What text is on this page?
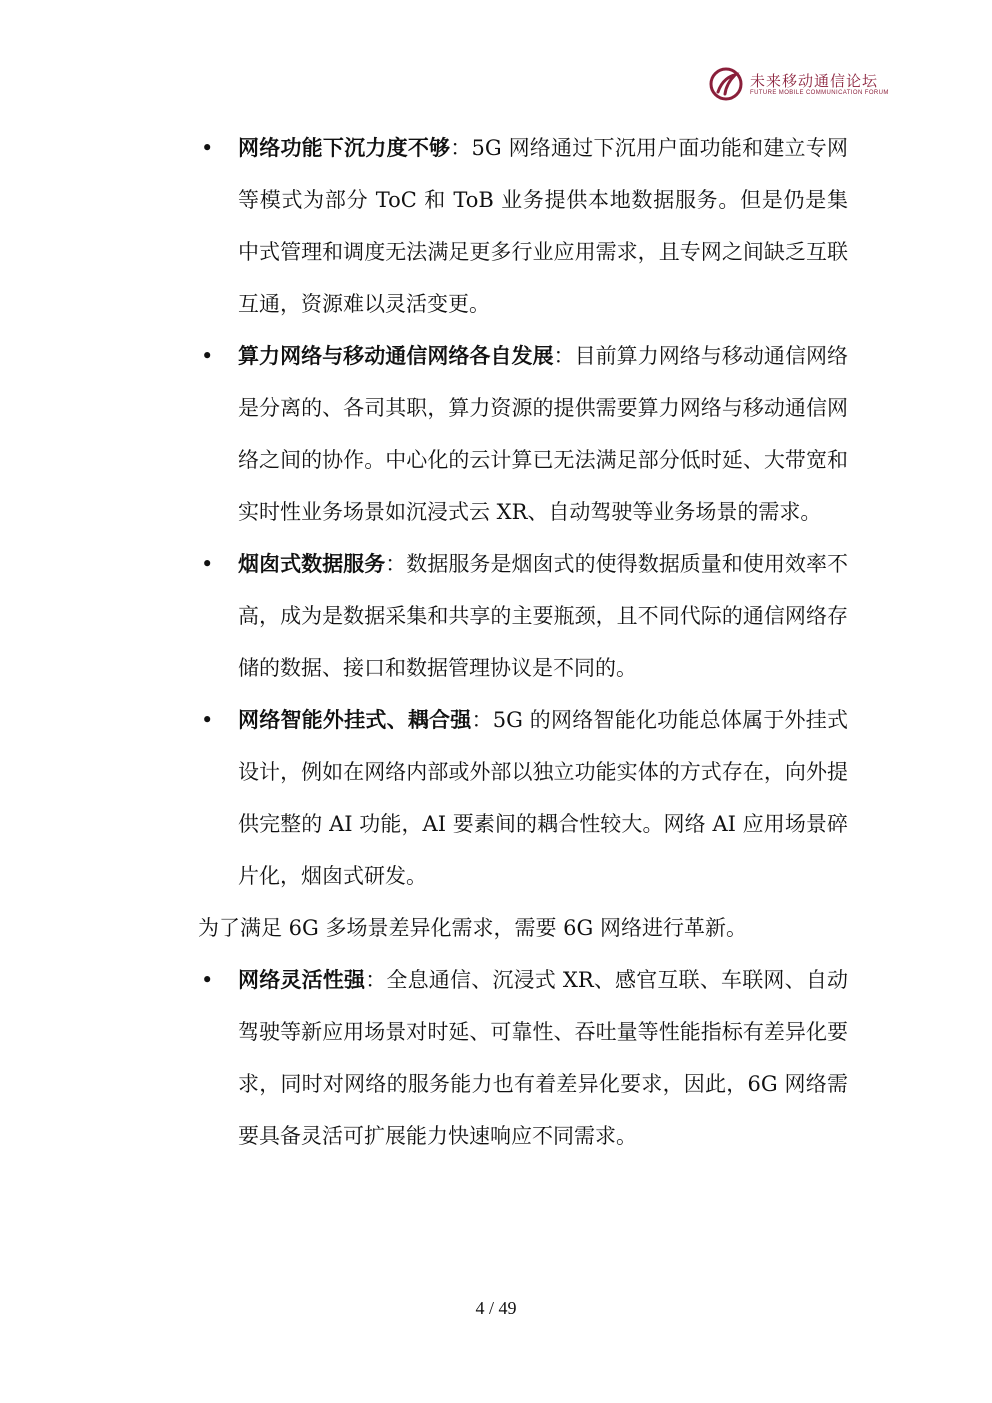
未来移动通信论坛
FUTURE MOBILE COMMUNICATION FORUM
• 网络功能下沉力度不够：5G 网络通过下沉用户面功能和建立专网等模式为部分 ToC 和 ToB 业务提供本地数据服务。但是仍是集中式管理和调度无法满足更多行业应用需求，且专网之间缺乏互联互通，资源难以灵活变更。
• 算力网络与移动通信网络各自发展：目前算力网络与移动通信网络是分离的、各司其职，算力资源的提供需要算力网络与移动通信网络之间的协作。中心化的云计算已无法满足部分低时延、大带宽和实时性业务场景如沉浸式云 XR、自动驾驶等业务场景的需求。
• 烟囱式数据服务：数据服务是烟囱式的使得数据质量和使用效率不高，成为是数据采集和共享的主要瓶颈，且不同代际的通信网络存储的数据、接口和数据管理协议是不同的。
• 网络智能外挂式、耦合强：5G 的网络智能化功能总体属于外挂式设计，例如在网络内部或外部以独立功能实体的方式存在，向外提供完整的 AI 功能，AI 要素间的耦合性较大。网络 AI 应用场景碎片化，烟囱式研发。

为了满足 6G 多场景差异化需求，需要 6G 网络进行革新。

• 网络灵活性强：全息通信、沉浸式 XR、感官互联、车联网、自动驾驶等新应用场景对时延、可靠性、吞吐量等性能指标有差异化要求，同时对网络的服务能力也有着差异化要求，因此，6G 网络需要具备灵活可扩展能力快速响应不同需求。
4 / 49
